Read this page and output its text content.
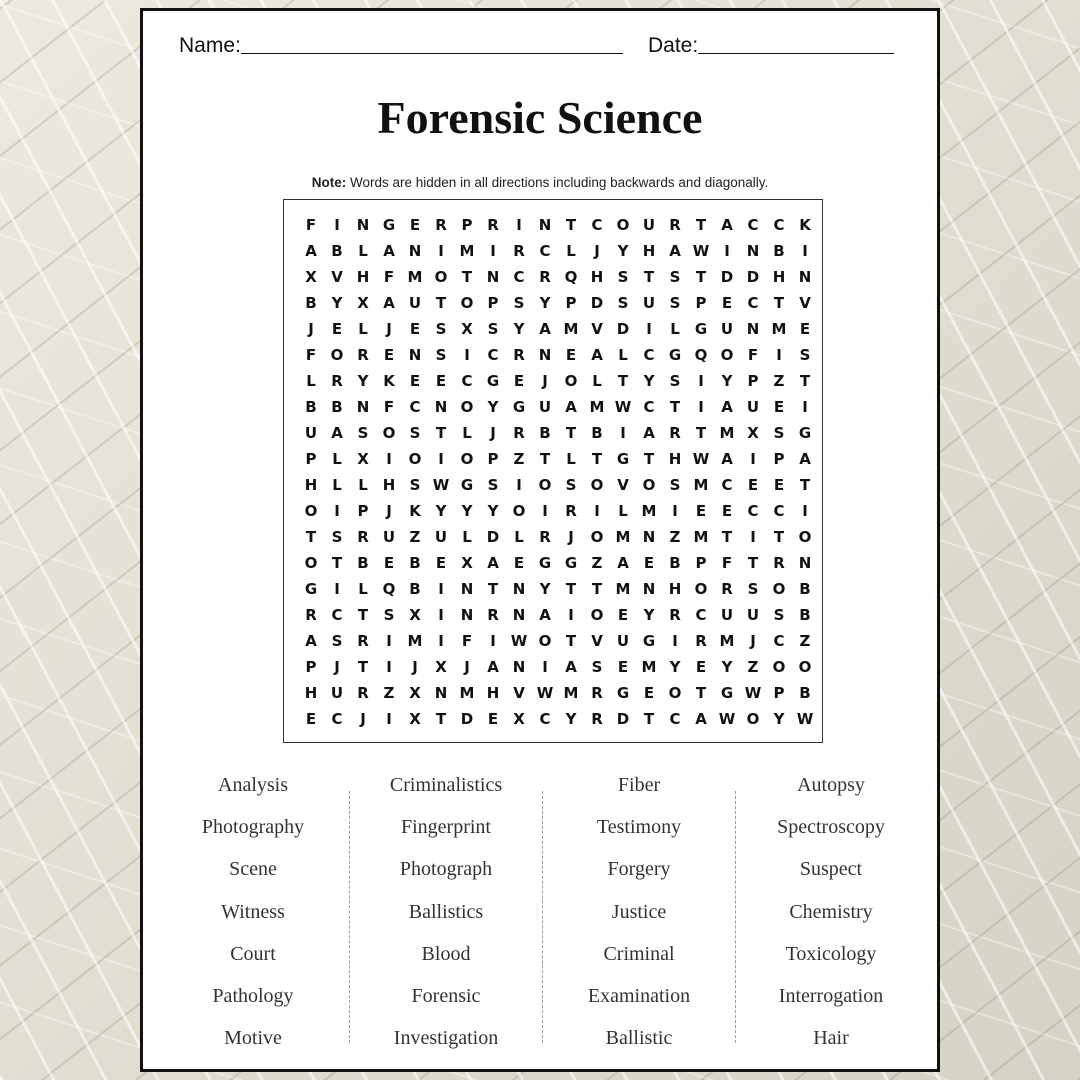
Name:	Date:
Forensic Science
Note: Words are hidden in all directions including backwards and diagonally.
F	I	N G E	R P R	I	N T	C O U R	T	A C C K
A B	L	A N	I	M	I	R C	L	J	Y H A W I	N B	I
X V H F M O T N C R Q H S	T	S	T D D H N
B Y X A U T O P	S	Y	P D S U S	P	E	C	T	V
J	E	L	J	E	S X S	Y A M V D	I	L	G U N M E
F O R	E N S	I	C R N E	A	L	C G Q O F	I	S
L	R Y K	E	E	C G E	J	O L	T	Y	S	I	Y	P	Z	T
B B N F	C N O Y G U A M W C	T	I	A U E	I
U A S O S	T	L	J	R B	T	B	I	A R	T M X S G
P	L	X	I	O	I	O P	Z	T	L	T G T H W A	I	P A
H L	L H S W G S	I	O S O V O S M C	E	E	T
O	I	P	J	K Y	Y	Y O	I	R	I	L M	I	E	E	C C	I
T	S R U Z U	L D	L	R	J	O M N Z M T	I	T O
O T	B	E	B	E	X A	E G G Z A	E	B P	F	T	R N
G	I	L Q B	I	N T N Y	T	T M N H O R S O B
R C	T	S X	I	N R N A	I	O E	Y R C U U S B
A S R	I	M	I	F	I W O T	V U G	I	R M	J	C	Z
P	J	T	I	J	X	J	A N	I	A S	E M Y	E	Y	Z O O
H U R Z X N M H V W M R G E O T G W P B
E	C	J	I	X	T D E	X C	Y R D T	C A W O Y W
Analysis
Photography
Scene
Witness
Court
Pathology
Motive
Criminalistics
Fingerprint
Photograph
Ballistics
Blood
Forensic
Investigation
Fiber
Testimony
Forgery
Justice
Criminal
Examination
Ballistic
Autopsy
Spectroscopy
Suspect
Chemistry
Toxicology
Interrogation
Hair
